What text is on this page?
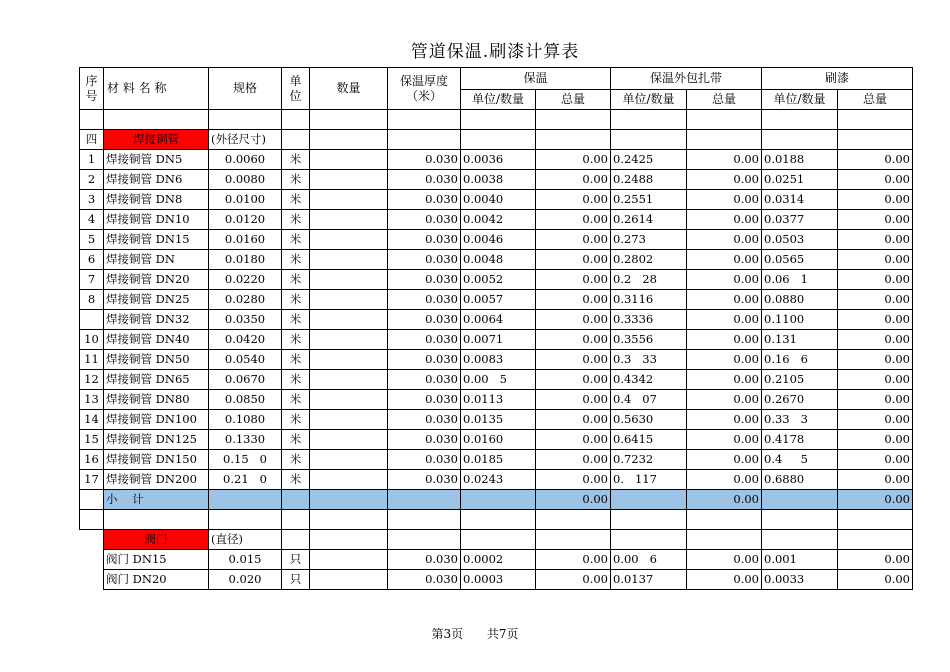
管道保温.刷漆计算表
序号	材 料 名 称	规格	单位	数量	保温厚度（米）	保温		保温外包扎带		刷漆	
						单位/数量	总量	单位/数量	总量	单位/数量	总量

四	焊接铜管	(外径尺寸)									
1	焊接铜管 DN5	0.0060	米		0.030	0.0036	0.00	0.2425	0.00	0.0188	0.00
2	焊接铜管 DN6	0.0080	米		0.030	0.0038	0.00	0.2488	0.00	0.0251	0.00
3	焊接铜管 DN8	0.0100	米		0.030	0.0040	0.00	0.2551	0.00	0.0314	0.00
4	焊接铜管 DN10	0.0120	米		0.030	0.0042	0.00	0.2614	0.00	0.0377	0.00
5	焊接铜管 DN15	0.0160	米		0.030	0.0046	0.00	0.273	0.00	0.0503	0.00
6	焊接铜管 DN	0.0180	米		0.030	0.0048	0.00	0.2802	0.00	0.0565	0.00
7	焊接铜管 DN20	0.0220	米		0.030	0.0052	0.00	0.2   28	0.00	0.06   1	0.00
8	焊接铜管 DN25	0.0280	米		0.030	0.0057	0.00	0.3116	0.00	0.0880	0.00
	焊接铜管 DN32	0.0350	米		0.030	0.0064	0.00	0.3336	0.00	0.1100	0.00
10	焊接铜管 DN40	0.0420	米		0.030	0.0071	0.00	0.3556	0.00	0.131	0.00
11	焊接铜管 DN50	0.0540	米		0.030	0.0083	0.00	0.3   33	0.00	0.16   6	0.00
12	焊接铜管 DN65	0.0670	米		0.030	0.00   5	0.00	0.4342	0.00	0.2105	0.00
13	焊接铜管 DN80	0.0850	米		0.030	0.0113	0.00	0.4   07	0.00	0.2670	0.00
14	焊接铜管 DN100	0.1080	米		0.030	0.0135	0.00	0.5630	0.00	0.33   3	0.00
15	焊接铜管 DN125	0.1330	米		0.030	0.0160	0.00	0.6415	0.00	0.4178	0.00
16	焊接铜管 DN150	0.15   0	米		0.030	0.0185	0.00	0.7232	0.00	0.4     5	0.00
17	焊接铜管 DN200	0.21   0	米		0.030	0.0243	0.00	0.   117	0.00	0.6880	0.00
	小    计						0.00		0.00		0.00

	阀门	(直径)									
	阀门 DN15	0.015	只		0.030	0.0002	0.00	0.00   6	0.00	0.001	0.00
	阀门 DN20	0.020	只		0.030	0.0003	0.00	0.0137	0.00	0.0033	0.00
第3页 共7页
